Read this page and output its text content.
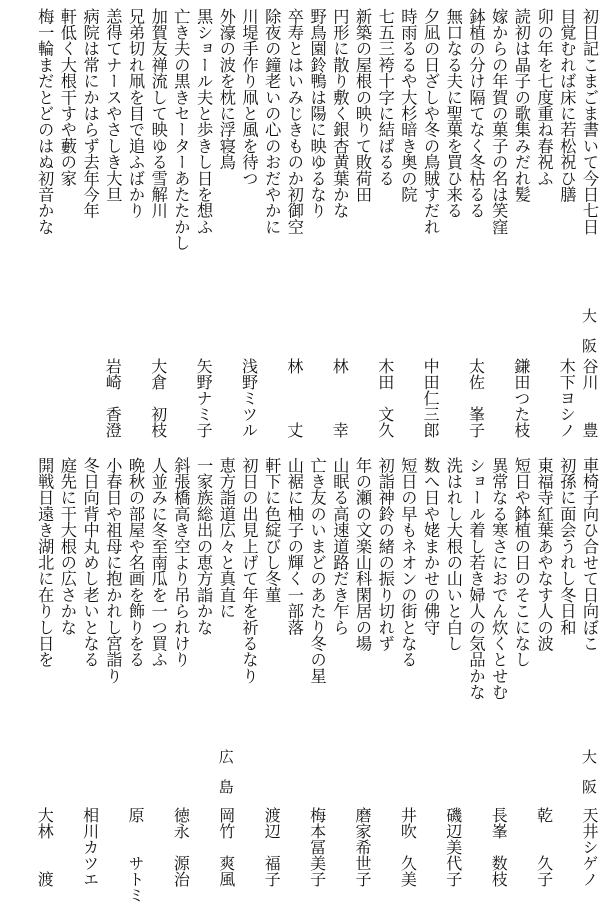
初日記こまごま書いて今日七日
大　阪
谷川　　豊
目覚むれば床に若松祝ひ膳
木下ヨシノ
卯の年を七度重ね春祝ふ
読初は晶子の歌集みだれ髪
鎌田つた枝
嫁からの年賀の菓子の名は笑窪
鉢植の分け隔てなく冬枯るる
太佐　峯子
無口なる夫に聖菓を買ひ来る
夕凪の日ざしや冬の鳥賊すだれ
中田仁三郎
時雨るるや大杉暗き奥の院
七五三袴十字に結ばるる
木田　文久
新築の屋根の映りて敗荷田
円形に散り敷く銀杏黄葉かな
林　　　幸
野鳥園鈴鴨は陽に映ゆるなり
卒寿とはいみじきものか初御空
林　　　丈
除夜の鐘老いの心のおだやかに
川堤手作り凧と風を待つ
浅野ミツル
外濠の波を枕に浮寝鳥
黒ショール夫と歩きし日を想ふ
矢野ナミ子
亡き夫の黒きセーターあたたかし
加賀友禅流して映ゆる雪解川
大倉　初枝
兄弟切れ凧を目で追ふばかり
恙得てナースやさしき大旦
岩崎　香澄
病院は常にかはらず去年今年
軒低く大根干すや藪の家
梅一輪まだとどのはぬ初音かな
車椅子向ひ合せて日向ぼこ
大　阪
天井シゲノ
初孫に面会うれし冬日和
東福寺紅葉あやなす人の波
乾　　久子
短日や鉢植の日のそこになし
異常なる寒さにおでん炊くとせむ
長峯　数枝
ショール着し若き婦人の気品かな
洗はれし大根の山いと白し
磯辺美代子
数へ日や姥まかせの佛守
短日の早もネオンの街となる
井吹　久美
初詣神鈴の緒の振り切れず
年の瀬の文楽山科閑居の場
磨家希世子
山眠る高速道路だき乍ら
亡き友のいまどのあたり冬の星
梅本冨美子
山裾に柚子の輝く一部落
軒下に色綻びし冬菫
渡辺　福子
初日の出見上げて年を祈るなり
恵方詣道広々と真直に
広　島
岡竹　爽風
一家族総出の恵方詣かな
斜張橋高き空より吊られけり
徳永　源治
人並みに冬至南瓜を一つ買ふ
晩秋の部屋や名画を飾りをる
原　　サトミ
小春日や祖母に抱かれし宮詣り
冬日向背中丸めし老いとなる
相川カツエ
庭先に干大根の広さかな
開戦日遠き湖北に在りし日を
大林　　渡
